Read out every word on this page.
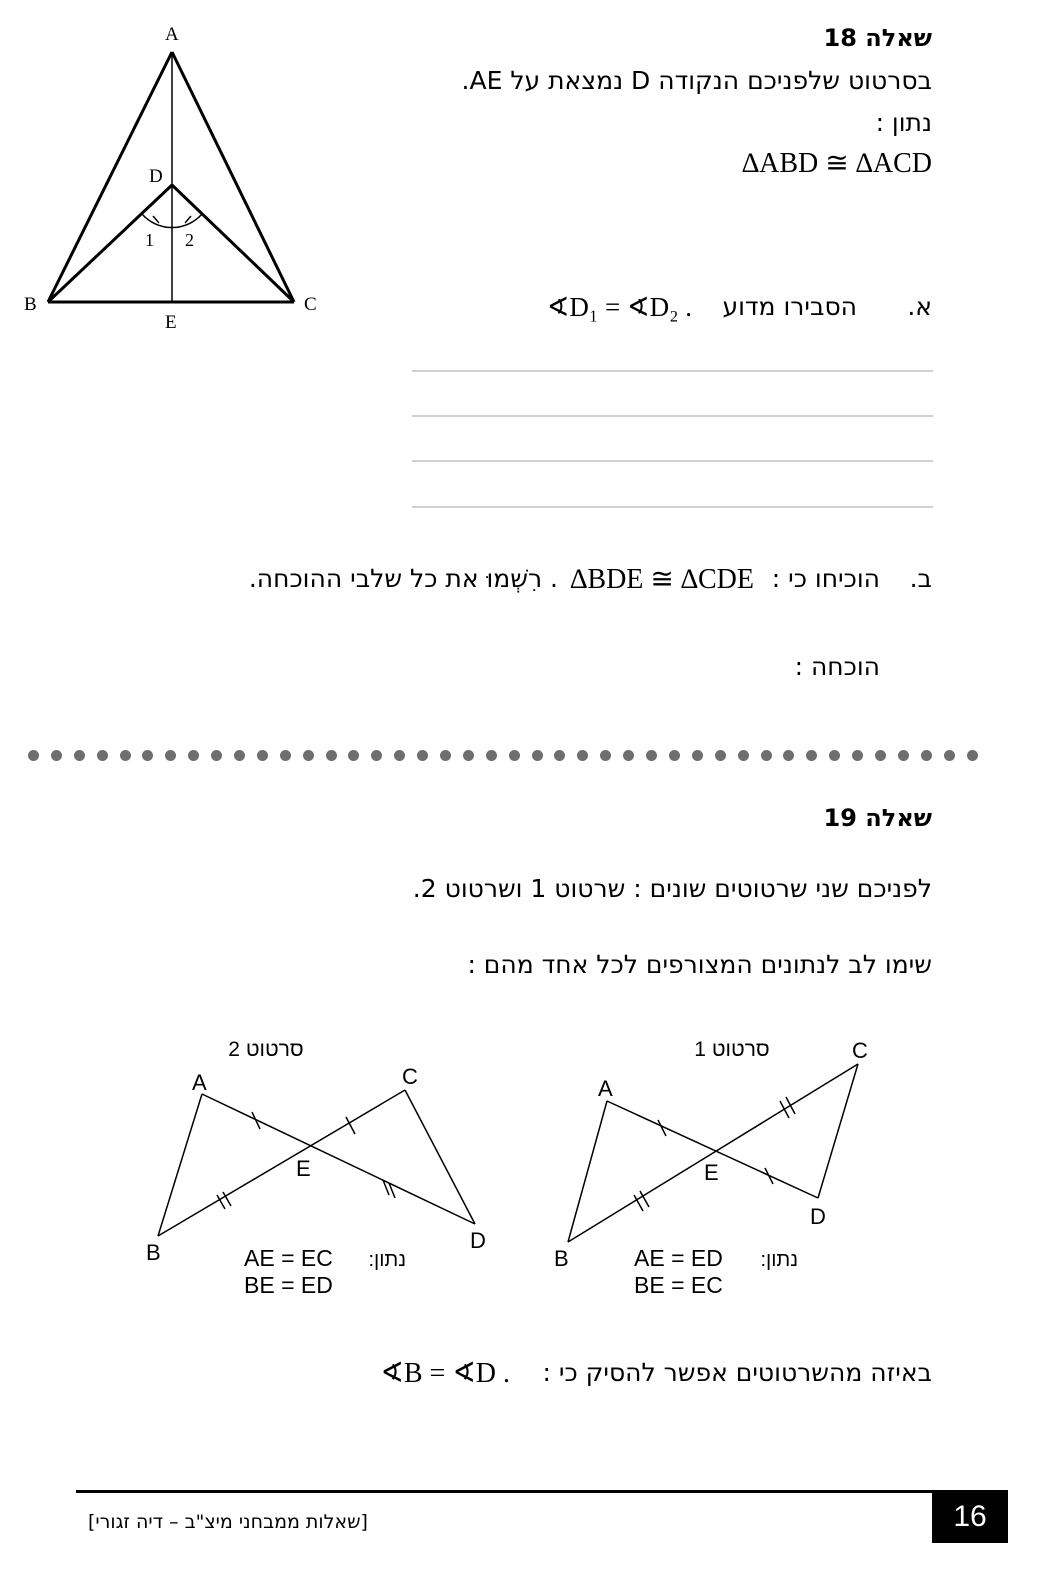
שאלה 18
בסרטוט שלפניכם הנקודה D נמצאת על AE.
נתון :
∆ABD ≅ ∆ACD
א.
הסבירו מדוע
∢D₁ = ∢D₂ .
ב.
הוכיחו כי :
∆BDE ≅ ∆CDE
. רִשְׁמוּ את כל שלבי ההוכחה.
הוכחה :
A
B	C
D
E
1 2
שאלה 19
לפניכם שני שרטוטים שונים : שרטוט 1 ושרטוט 2.
שימו לב לנתונים המצורפים לכל אחד מהם :
סרטוט 2
A
B
C
D
E
נתון:
AE = EC
BE = ED
סרטוט 1
A
B
C
D
E
נתון:
AE = ED
BE = EC
באיזה מהשרטוטים אפשר להסיק כי :
∢B = ∢D .
16
[שאלות ממבחני מיצ"ב – דיה זגורי]
